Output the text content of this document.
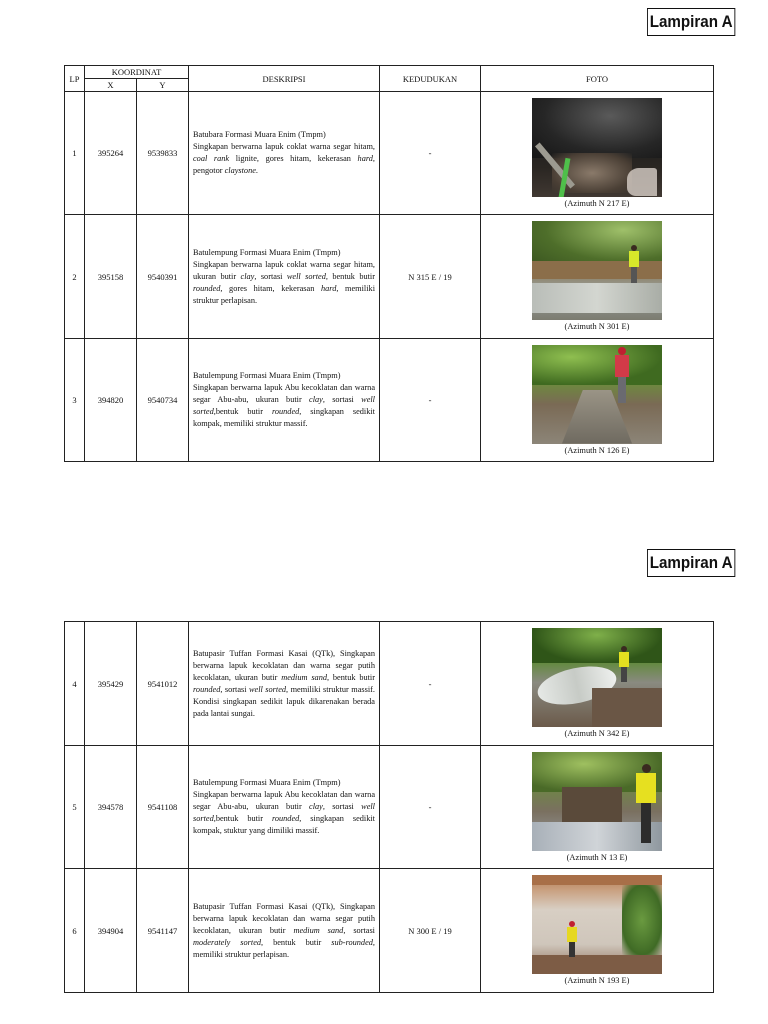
Lampiran A
LP	KOORDINAT		DESKRIPSI	KEDUDUKAN	FOTO
	X	Y			
1	395264	9539833	Batubara Formasi Muara Enim (Tmpm)

Singkapan berwarna lapuk coklat warna segar hitam, coal rank lignite, gores hitam, kekerasan hard, pengotor claystone.	-	(Azimuth N 217 E)

2	395158	9540391	Batulempung Formasi Muara Enim (Tmpm)

Singkapan berwarna lapuk coklat warna segar hitam, ukuran butir clay, sortasi well sorted, bentuk butir rounded, gores hitam, kekerasan hard, memiliki struktur perlapisan.	N 315 E / 19	(Azimuth N 301 E)

3	394820	9540734	Batulempung Formasi Muara Enim (Tmpm)

Singkapan berwarna lapuk Abu kecoklatan dan warna segar Abu-abu, ukuran butir clay, sortasi well sorted,bentuk butir rounded, singkapan sedikit kompak, memiliki struktur massif.	-	(Azimuth N 126 E)
Lampiran A
4	395429	9541012	Batupasir Tuffan Formasi Kasai (QTk), Singkapan berwarna lapuk kecoklatan dan warna segar putih kecoklatan, ukuran butir medium sand, bentuk butir rounded, sortasi well sorted, memiliki struktur massif. Kondisi singkapan sedikit lapuk dikarenakan berada pada lantai sungai.	-	(Azimuth N 342 E)

5	394578	9541108	Batulempung Formasi Muara Enim (Tmpm)

Singkapan berwarna lapuk Abu kecoklatan dan warna segar Abu-abu, ukuran butir clay, sortasi well sorted,bentuk butir rounded, singkapan sedikit kompak, stuktur yang dimiliki massif.	-	(Azimuth N 13 E)

6	394904	9541147	Batupasir Tuffan Formasi Kasai (QTk), Singkapan berwarna lapuk kecoklatan dan warna segar putih kecoklatan, ukuran butir medium sand, sortasi moderately sorted, bentuk butir sub-rounded, memiliki struktur perlapisan.	N 300 E / 19	(Azimuth N 193 E)
